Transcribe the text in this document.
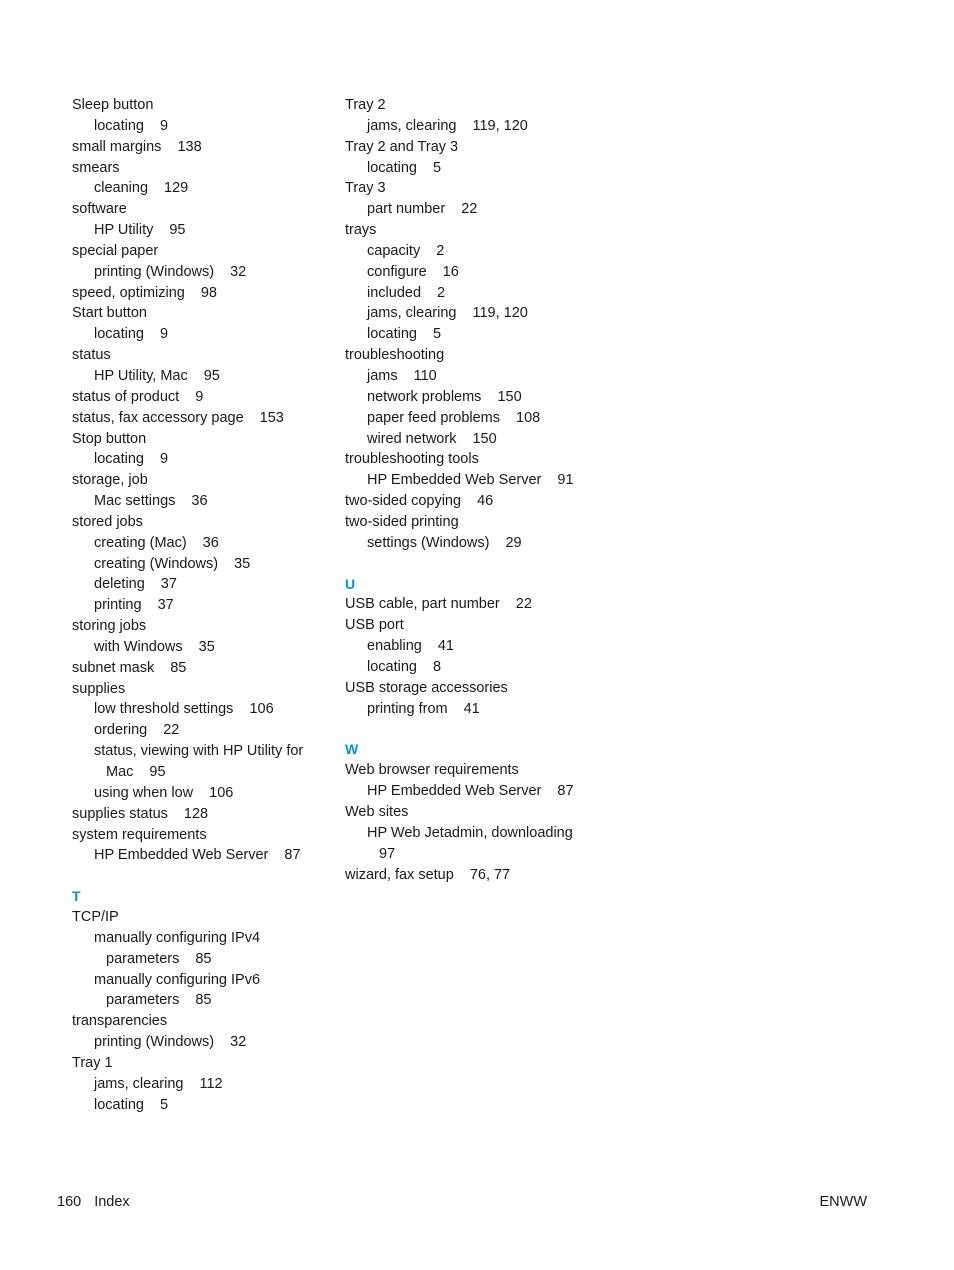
Sleep button
locating 9
small margins 138
smears
cleaning 129
software
HP Utility 95
special paper
printing (Windows) 32
speed, optimizing 98
Start button
locating 9
status
HP Utility, Mac 95
status of product 9
status, fax accessory page 153
Stop button
locating 9
storage, job
Mac settings 36
stored jobs
creating (Mac) 36
creating (Windows) 35
deleting 37
printing 37
storing jobs
with Windows 35
subnet mask 85
supplies
low threshold settings 106
ordering 22
status, viewing with HP Utility for
Mac 95
using when low 106
supplies status 128
system requirements
HP Embedded Web Server 87
T
TCP/IP
manually configuring IPv4
parameters 85
manually configuring IPv6
parameters 85
transparencies
printing (Windows) 32
Tray 1
jams, clearing 112
locating 5
Tray 2
jams, clearing 119, 120
Tray 2 and Tray 3
locating 5
Tray 3
part number 22
trays
capacity 2
configure 16
included 2
jams, clearing 119, 120
locating 5
troubleshooting
jams 110
network problems 150
paper feed problems 108
wired network 150
troubleshooting tools
HP Embedded Web Server 91
two-sided copying 46
two-sided printing
settings (Windows) 29
U
USB cable, part number 22
USB port
enabling 41
locating 8
USB storage accessories
printing from 41
W
Web browser requirements
HP Embedded Web Server 87
Web sites
HP Web Jetadmin, downloading
97
wizard, fax setup 76, 77
160 Index	ENWW
